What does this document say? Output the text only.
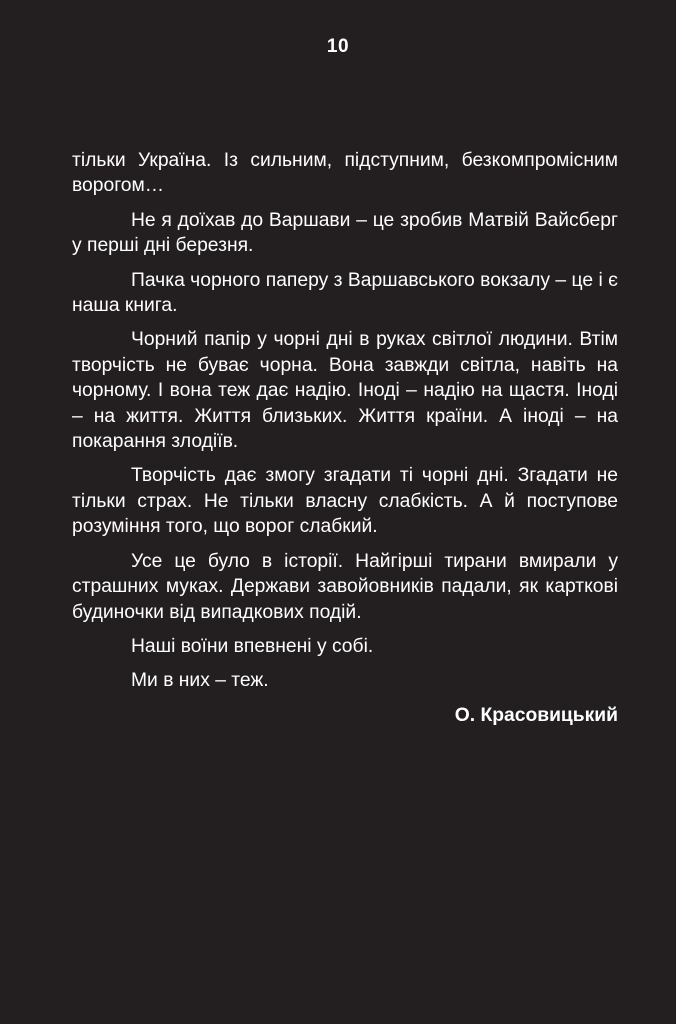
10

тільки Україна. Із сильним, підступним, безкомпромісним ворогом…

Не я доїхав до Варшави – це зробив Матвій Вайсберг у перші дні березня.

Пачка чорного паперу з Варшавського вокзалу – це і є наша книга.

Чорний папір у чорні дні в руках світлої людини. Втім творчість не буває чорна. Вона завжди світла, навіть на чорному. І вона теж дає надію. Іноді – надію на щастя. Іноді – на життя. Життя близьких. Життя країни. А іноді – на покарання злодіїв.

Творчість дає змогу згадати ті чорні дні. Згадати не тільки страх. Не тільки власну слабкість. А й поступове розуміння того, що ворог слабкий.

Усе це було в історії. Найгірші тирани вмирали у страшних муках. Держави завойовників падали, як карткові будиночки від випадкових подій.

Наші воїни впевнені у собі.

Ми в них – теж.

О. Красовицький
